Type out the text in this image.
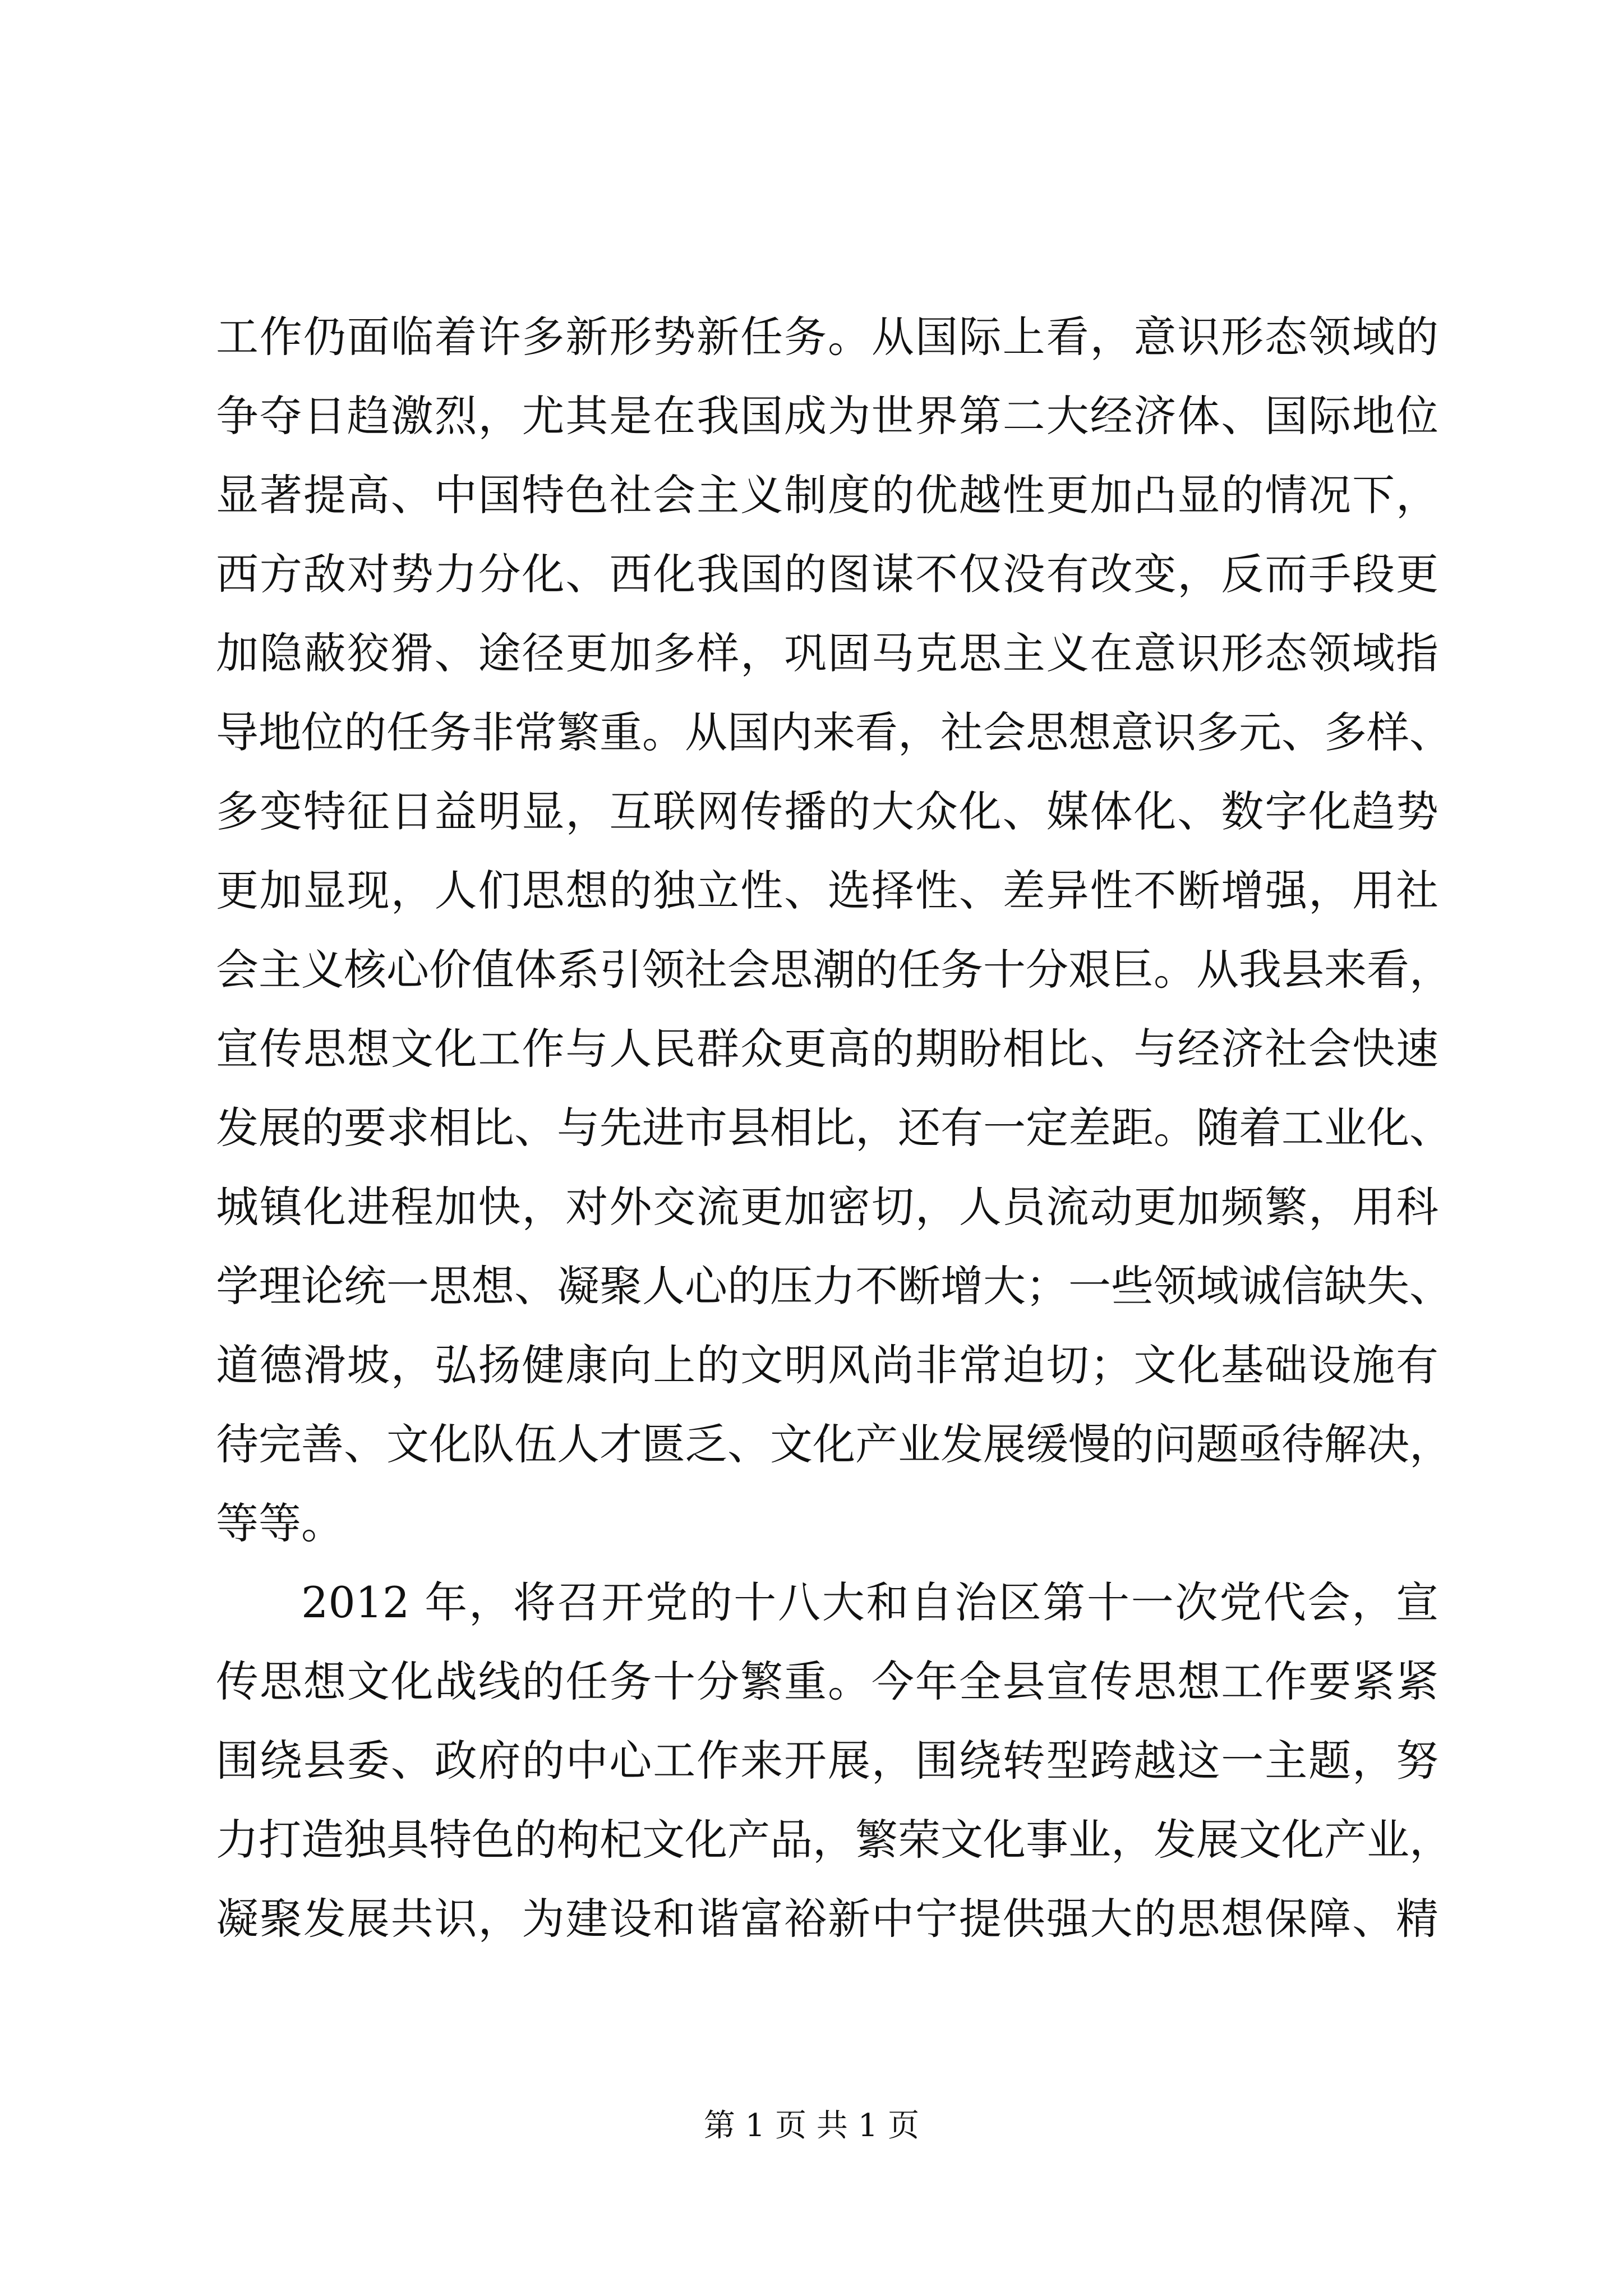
工作仍面临着许多新形势新任务。从国际上看，意识形态领域的
争夺日趋激烈，尤其是在我国成为世界第二大经济体、国际地位
显著提高、中国特色社会主义制度的优越性更加凸显的情况下，
西方敌对势力分化、西化我国的图谋不仅没有改变，反而手段更
加隐蔽狡猾、途径更加多样，巩固马克思主义在意识形态领域指
导地位的任务非常繁重。从国内来看，社会思想意识多元、多样、
多变特征日益明显，互联网传播的大众化、媒体化、数字化趋势
更加显现，人们思想的独立性、选择性、差异性不断增强，用社
会主义核心价值体系引领社会思潮的任务十分艰巨。从我县来看，
宣传思想文化工作与人民群众更高的期盼相比、与经济社会快速
发展的要求相比、与先进市县相比，还有一定差距。随着工业化、
城镇化进程加快，对外交流更加密切，人员流动更加频繁，用科
学理论统一思想、凝聚人心的压力不断增大；一些领域诚信缺失、
道德滑坡，弘扬健康向上的文明风尚非常迫切；文化基础设施有
待完善、文化队伍人才匮乏、文化产业发展缓慢的问题亟待解决，
等等。
2012 年，将召开党的十八大和自治区第十一次党代会，宣
传思想文化战线的任务十分繁重。今年全县宣传思想工作要紧紧
围绕县委、政府的中心工作来开展，围绕转型跨越这一主题，努
力打造独具特色的枸杞文化产品，繁荣文化事业，发展文化产业，
凝聚发展共识，为建设和谐富裕新中宁提供强大的思想保障、精
第 1 页 共 1 页
